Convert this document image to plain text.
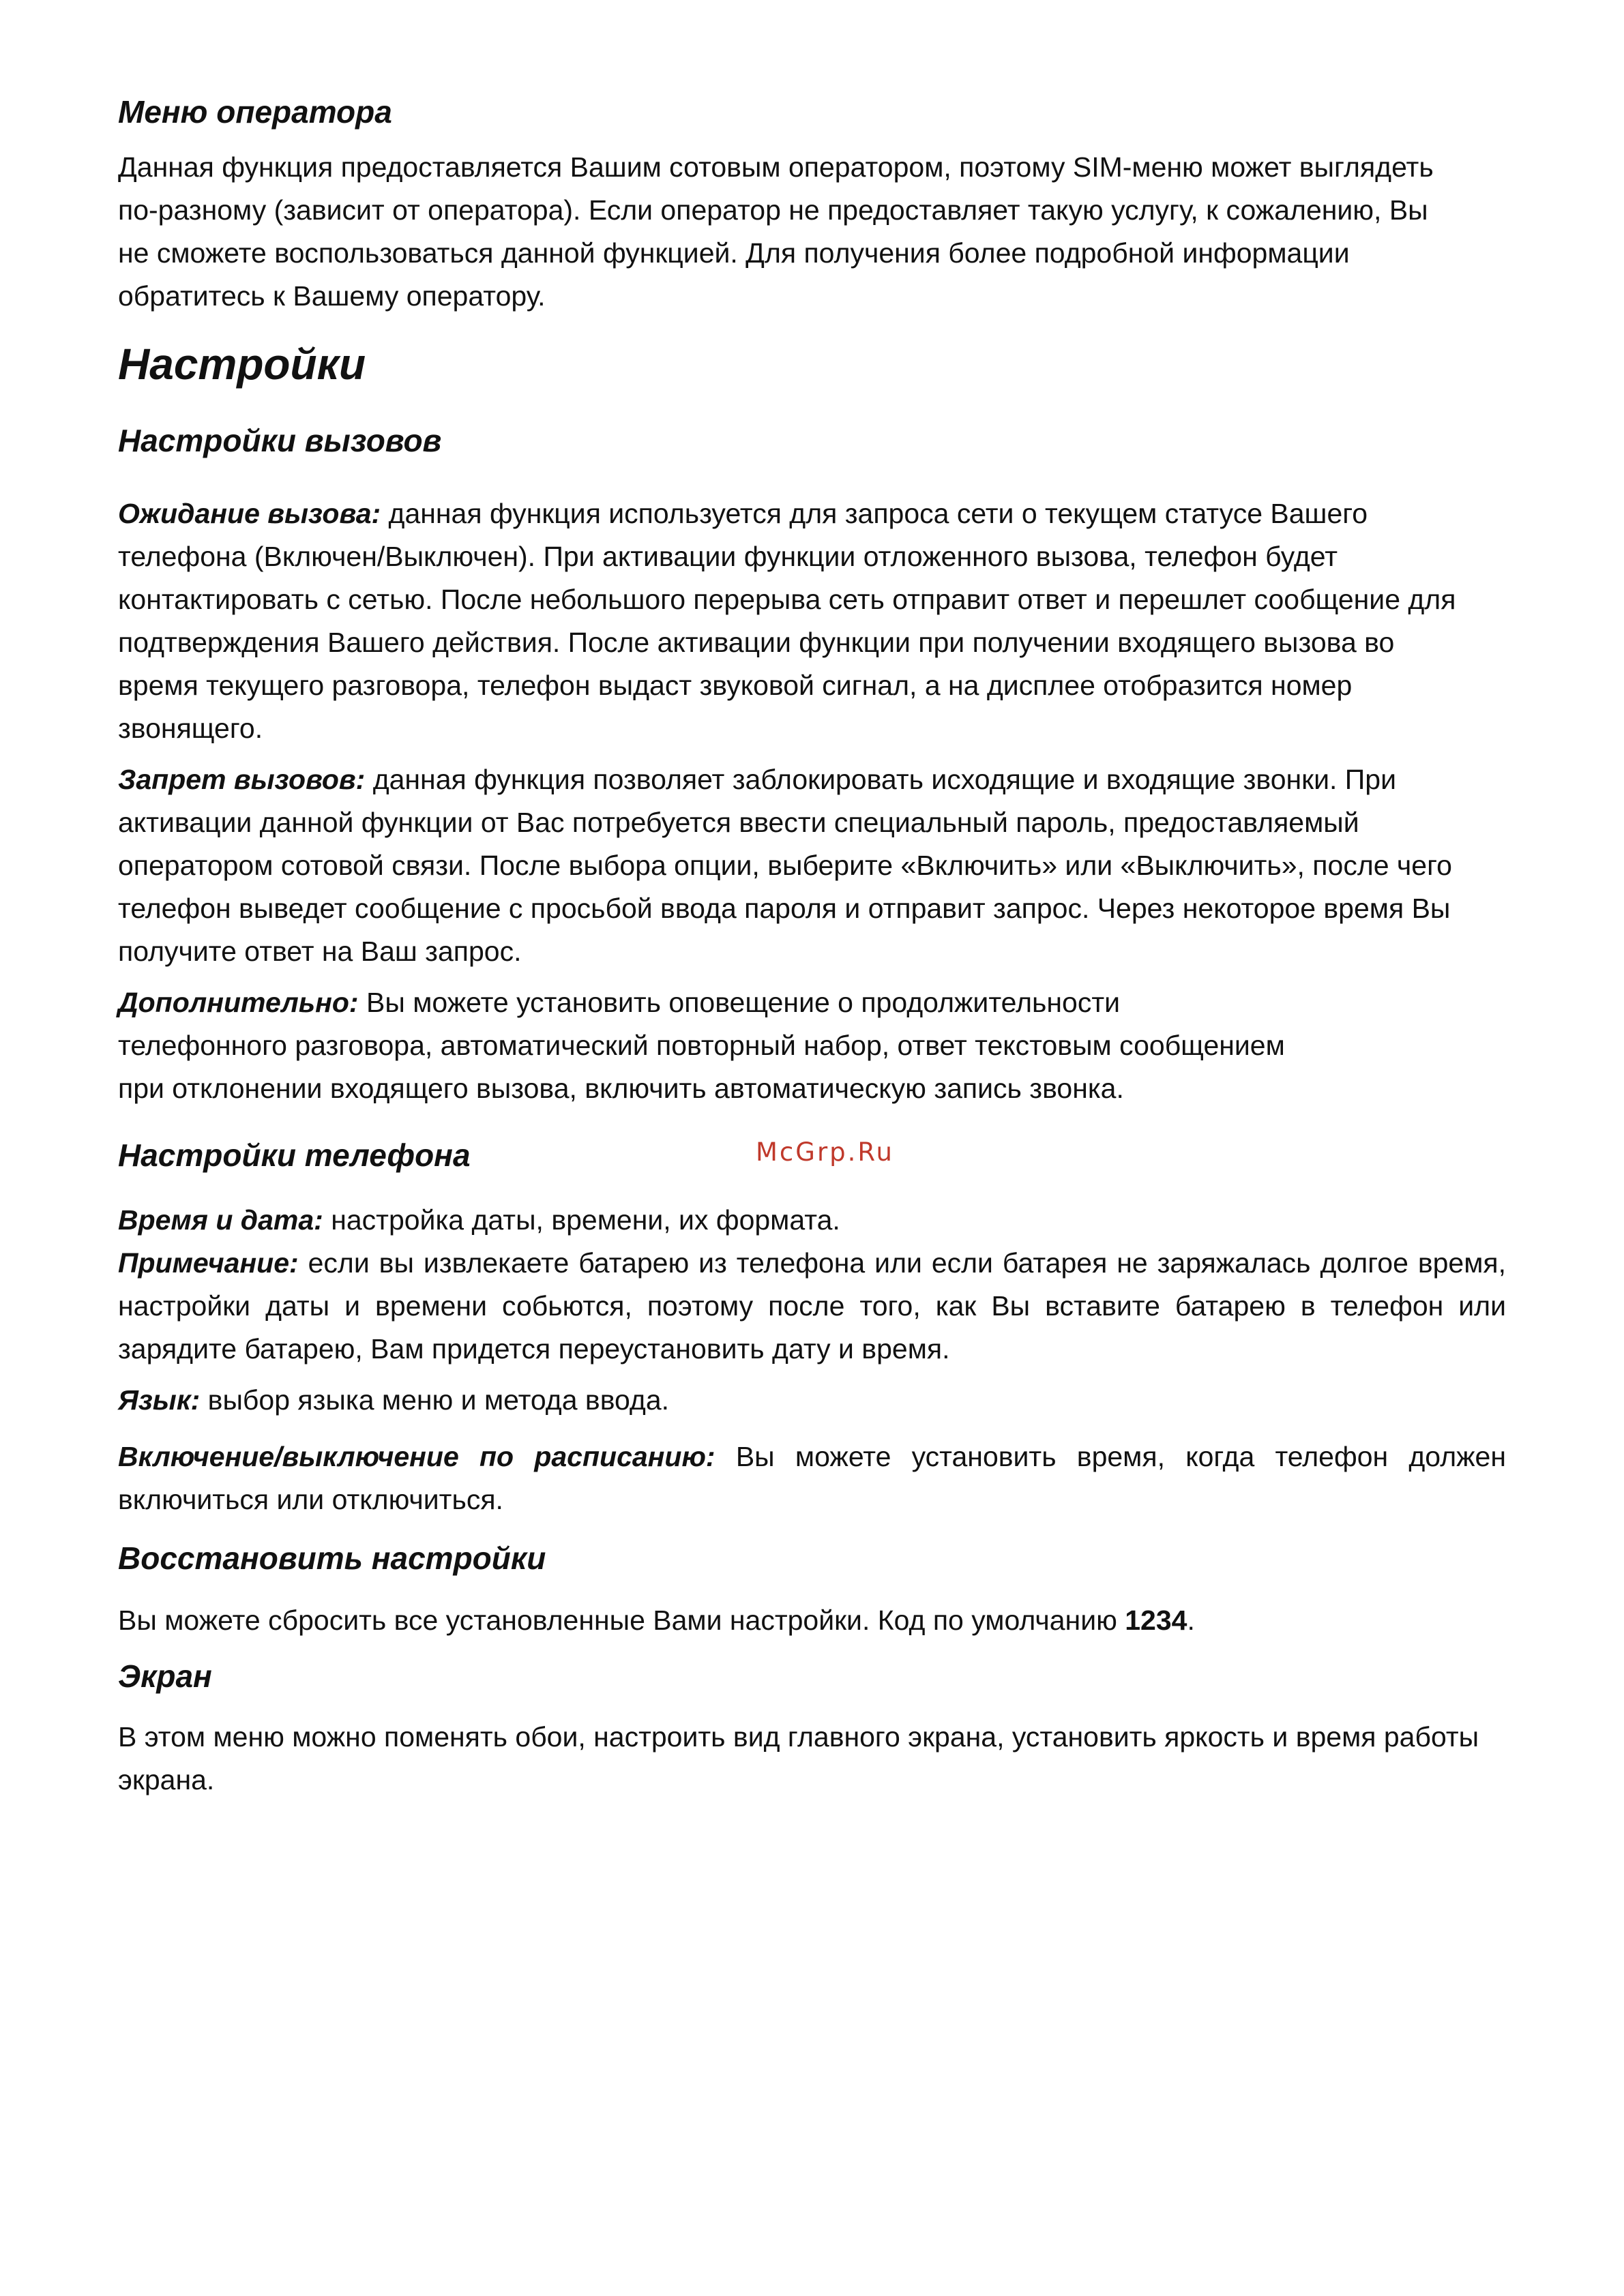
Меню оператора

Данная функция предоставляется Вашим сотовым оператором, поэтому SIM-меню может выглядеть по-разному (зависит от оператора). Если оператор не предоставляет такую услугу, к сожалению, Вы не сможете воспользоваться данной функцией. Для получения более подробной информации обратитесь к Вашему оператору.

Настройки
Настройки вызовов

Ожидание вызова: данная функция используется для запроса сети о текущем статусе Вашего телефона (Включен/Выключен). При активации функции отложенного вызова, телефон будет контактировать с сетью. После небольшого перерыва сеть отправит ответ и перешлет сообщение для подтверждения Вашего действия. После активации функции при получении входящего вызова во время текущего разговора, телефон выдаст звуковой сигнал, а на дисплее отобразится номер звонящего.

Запрет вызовов: данная функция позволяет заблокировать исходящие и входящие звонки. При активации данной функции от Вас потребуется ввести специальный пароль, предоставляемый оператором сотовой связи. После выбора опции, выберите «Включить» или «Выключить», после чего телефон выведет сообщение с просьбой ввода пароля и отправит запрос. Через некоторое время Вы получите ответ на Ваш запрос.

Дополнительно: Вы можете установить оповещение о продолжительности телефонного разговора, автоматический повторный набор, ответ текстовым сообщением при отклонении входящего вызова, включить автоматическую запись звонка.

Настройки телефона

Время и дата: настройка даты, времени, их формата.

Примечание: если вы извлекаете батарею из телефона или если батарея не заряжалась долгое время, настройки даты и времени собьются, поэтому после того, как Вы вставите батарею в телефон или зарядите батарею, Вам придется переустановить дату и время.

Язык: выбор языка меню и метода ввода.

Включение/выключение по расписанию: Вы можете установить время, когда телефон должен включиться или отключиться.

Восстановить настройки

Вы можете сбросить все установленные Вами настройки. Код по умолчанию 1234.

Экран

В этом меню можно поменять обои, настроить вид главного экрана, установить яркость и время работы экрана.

McGrp.Ru
